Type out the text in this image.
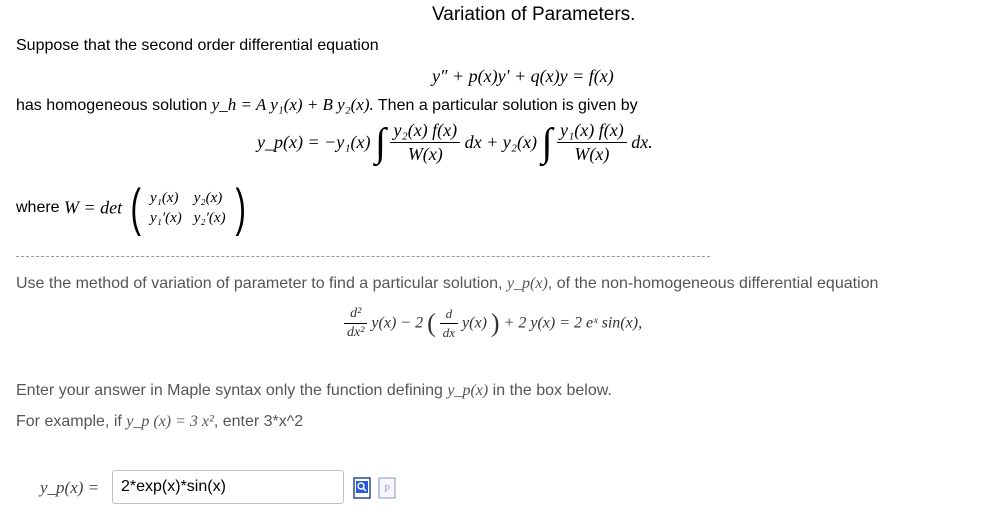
Variation of Parameters.
Suppose that the second order differential equation
y″ + p(x)y′ + q(x)y = f(x)
has homogeneous solution y_h = A y₁(x) + B y₂(x). Then a particular solution is given by
y_p(x) = −y₁(x) ∫ $\frac{\text{y₂(x) f(x)}}{W(x)}$ dx + y₂(x) ∫ $\frac{\text{y₁(x) f(x)}}{W(x)}$ dx.
where W = det ( y₁(x)	y₂(x)
y₁′(x)	y₂′(x) )
Use the method of variation of parameter to find a particular solution, y_p(x), of the non-homogeneous differential equation
$\frac{\text{d²}}{\text{dx²}} y(x) - 2$ ( $\frac{d}{dx} y(x)$ ) + 2 y(x) = 2 eˣ sin(x),
Enter your answer in Maple syntax only the function defining y_p(x) in the box below.
For example, if y_p (x) = 3 x², enter 3*x^2
y_p(x) =
2*exp(x)*sin(x)	P
